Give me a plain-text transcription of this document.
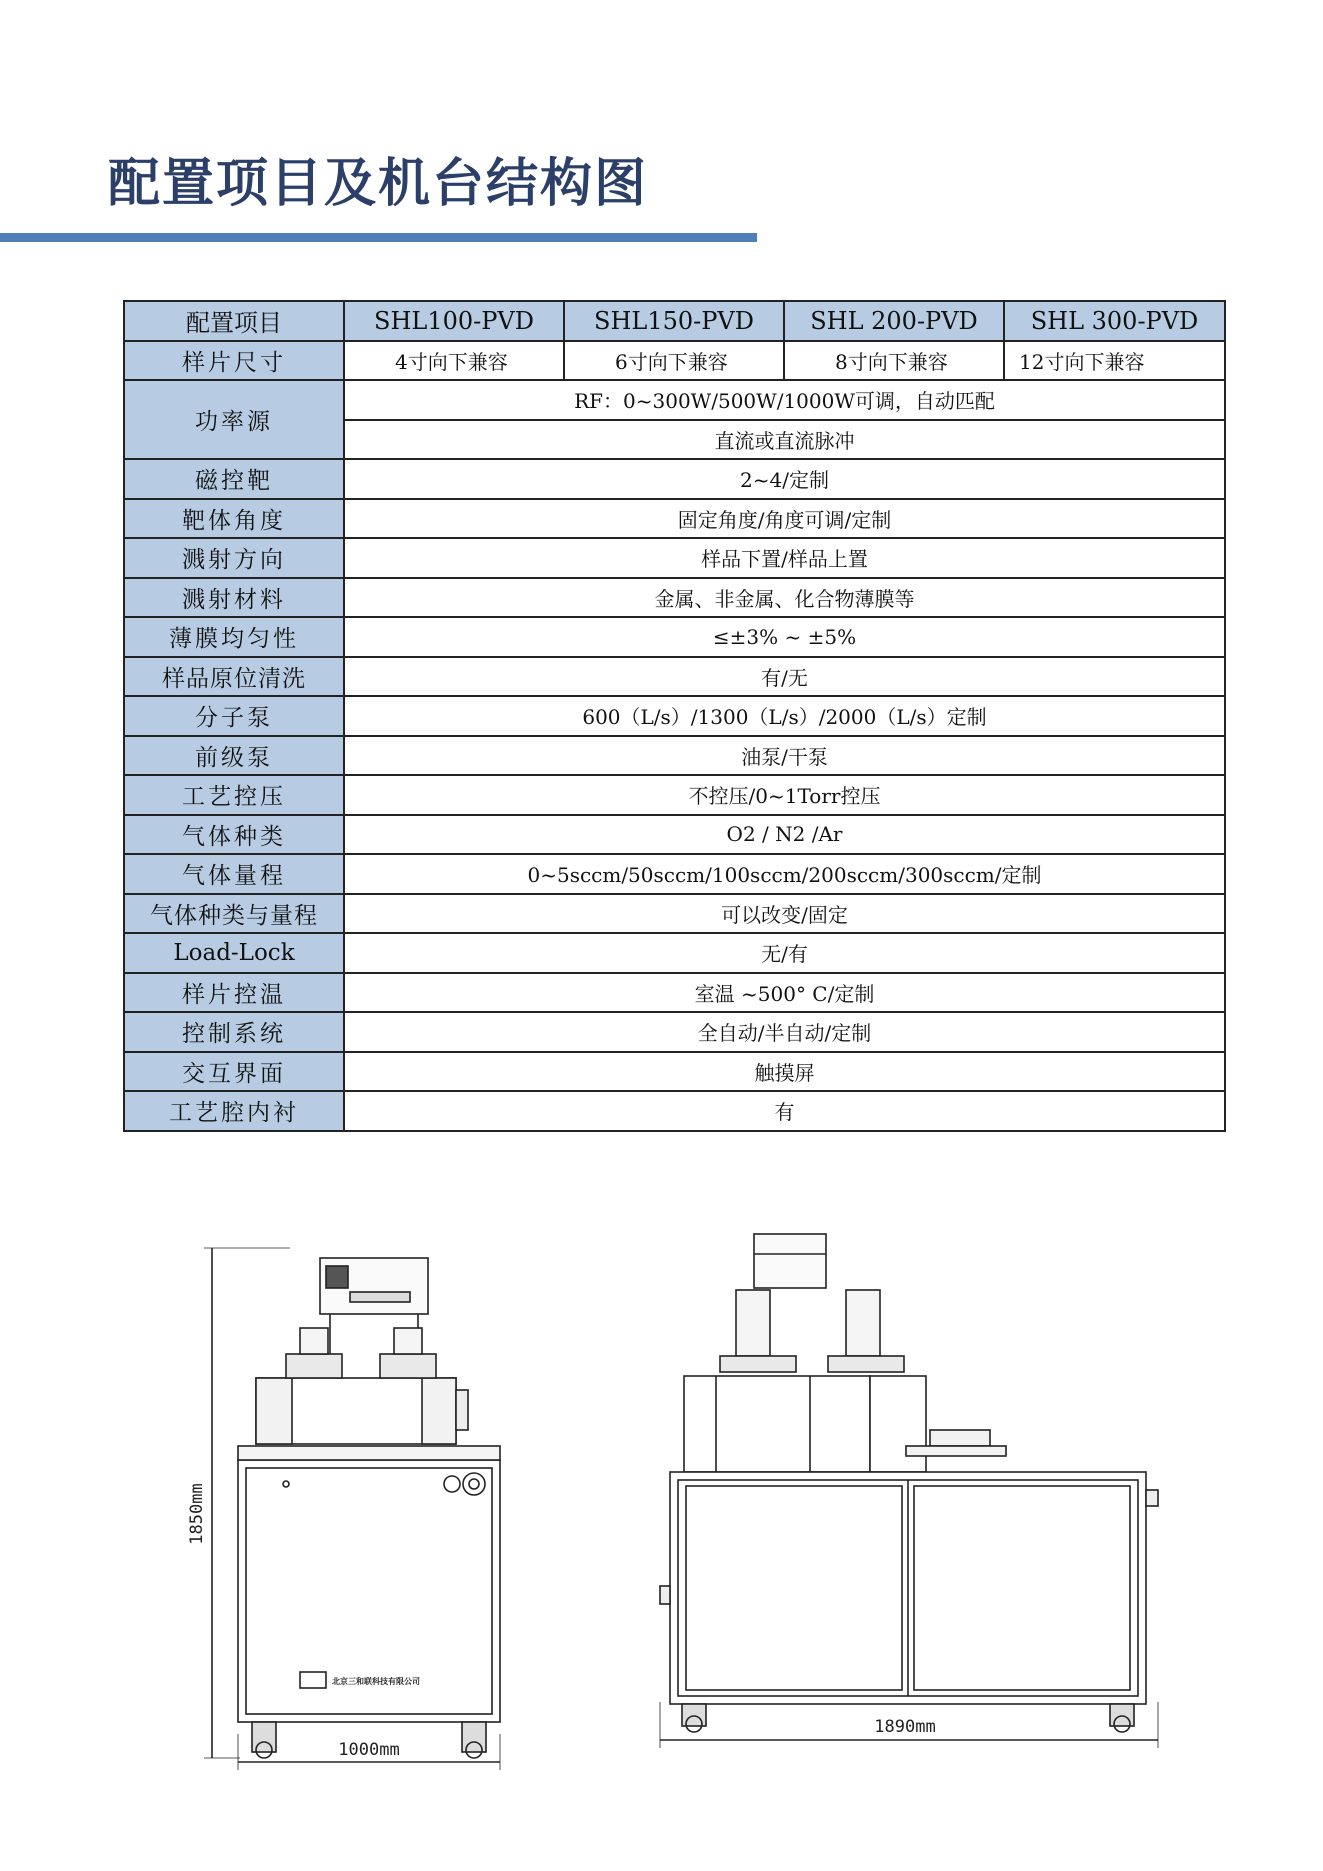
配置项目及机台结构图
配置项目	SHL100-PVD	SHL150-PVD	SHL 200-PVD	SHL 300-PVD
样片尺寸	4寸向下兼容	6寸向下兼容	8寸向下兼容	12寸向下兼容
功率源	RF：0~300W/500W/1000W可调，自动匹配			
	直流或直流脉冲			
磁控靶	2~4/定制			
靶体角度	固定角度/角度可调/定制			
溅射方向	样品下置/样品上置			
溅射材料	金属、非金属、化合物薄膜等			
薄膜均匀性	≤±3% ~ ±5%			
样品原位清洗	有/无			
分子泵	600（L/s）/1300（L/s）/2000（L/s）定制			
前级泵	油泵/干泵			
工艺控压	不控压/0~1Torr控压			
气体种类	O2 / N2 /Ar			
气体量程	0~5sccm/50sccm/100sccm/200sccm/300sccm/定制			
气体种类与量程	可以改变/固定			
Load-Lock	无/有			
样片控温	室温 ~500° C/定制			
控制系统	全自动/半自动/定制			
交互界面	触摸屏			
工艺腔内衬	有			
1850mm
1000mm
北京三和联科技有限公司
1890mm
